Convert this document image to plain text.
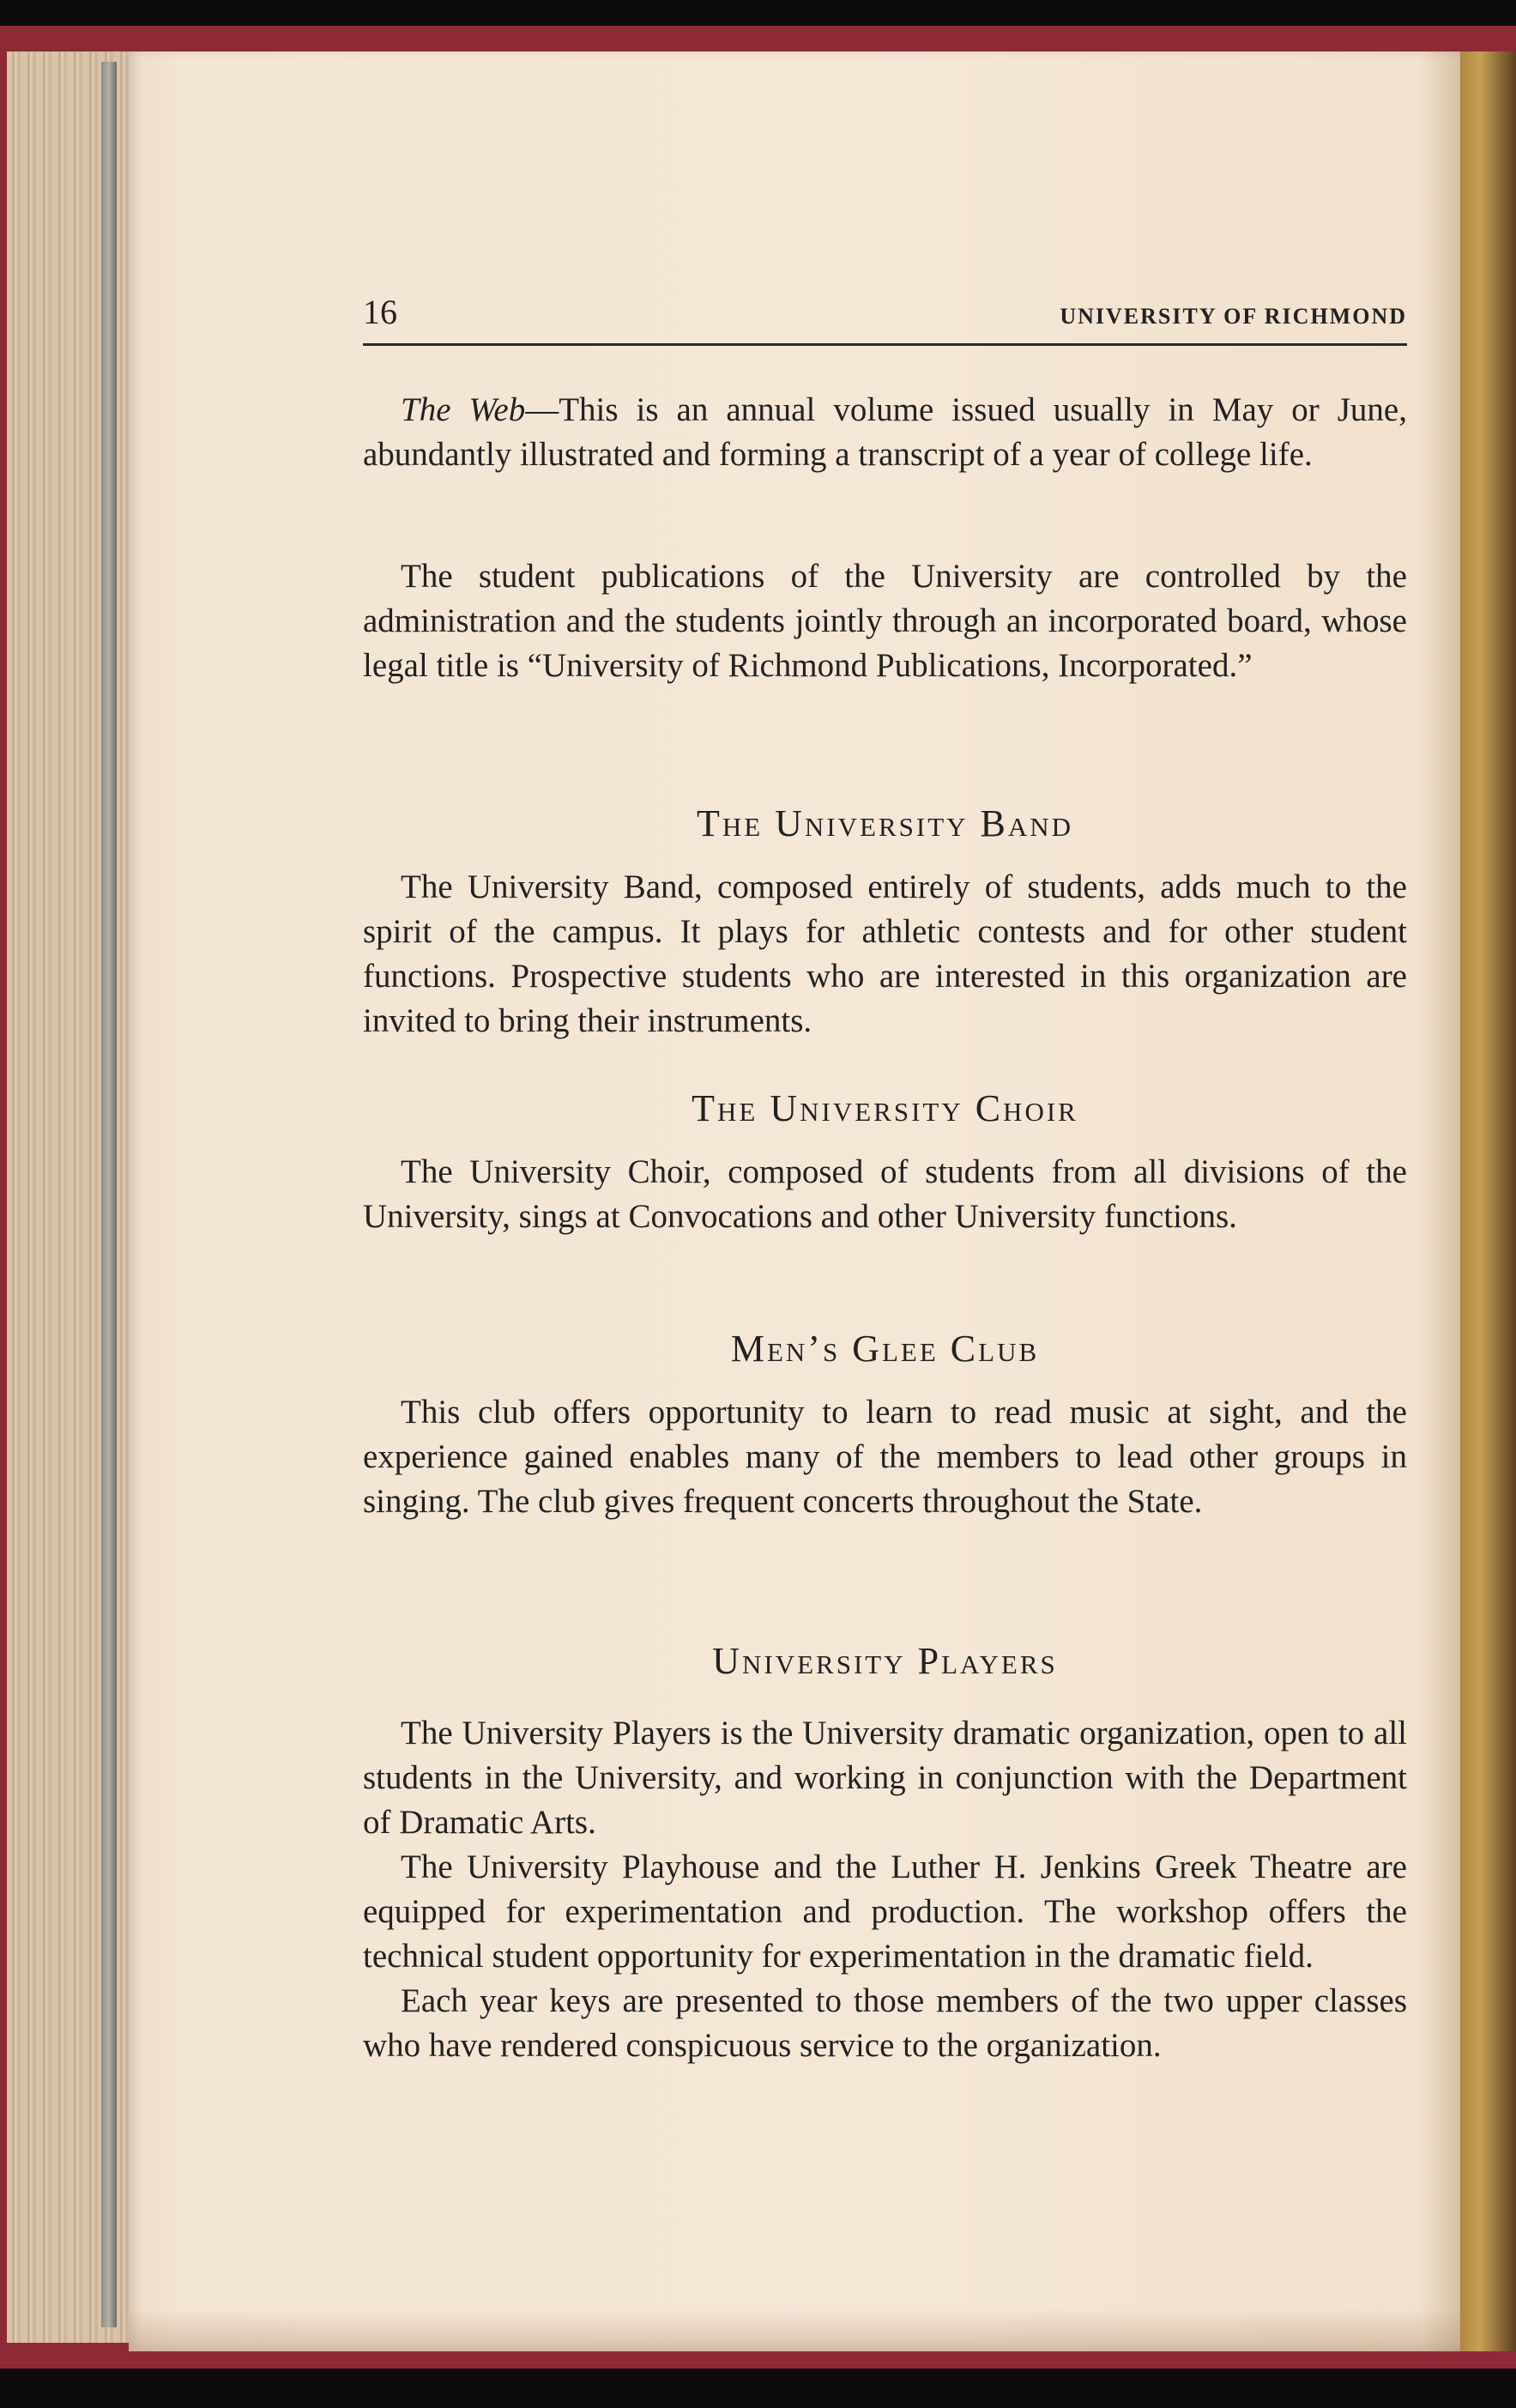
16	UNIVERSITY OF RICHMOND

The Web—This is an annual volume issued usually in May or June, abundantly illustrated and forming a transcript of a year of college life.

The student publications of the University are controlled by the administration and the students jointly through an incorporated board, whose legal title is “University of Richmond Publications, Incorporated.”

The University Band

The University Band, composed entirely of students, adds much to the spirit of the campus. It plays for athletic contests and for other student functions. Prospective students who are interested in this organization are invited to bring their instruments.

The University Choir

The University Choir, composed of students from all divisions of the University, sings at Convocations and other University functions.

Men’s Glee Club

This club offers opportunity to learn to read music at sight, and the experience gained enables many of the members to lead other groups in singing. The club gives frequent concerts throughout the State.

University Players

The University Players is the University dramatic organization, open to all students in the University, and working in conjunction with the Department of Dramatic Arts.

The University Playhouse and the Luther H. Jenkins Greek Theatre are equipped for experimentation and production. The workshop offers the technical student opportunity for experimentation in the dramatic field.

Each year keys are presented to those members of the two upper classes who have rendered conspicuous service to the organization.
